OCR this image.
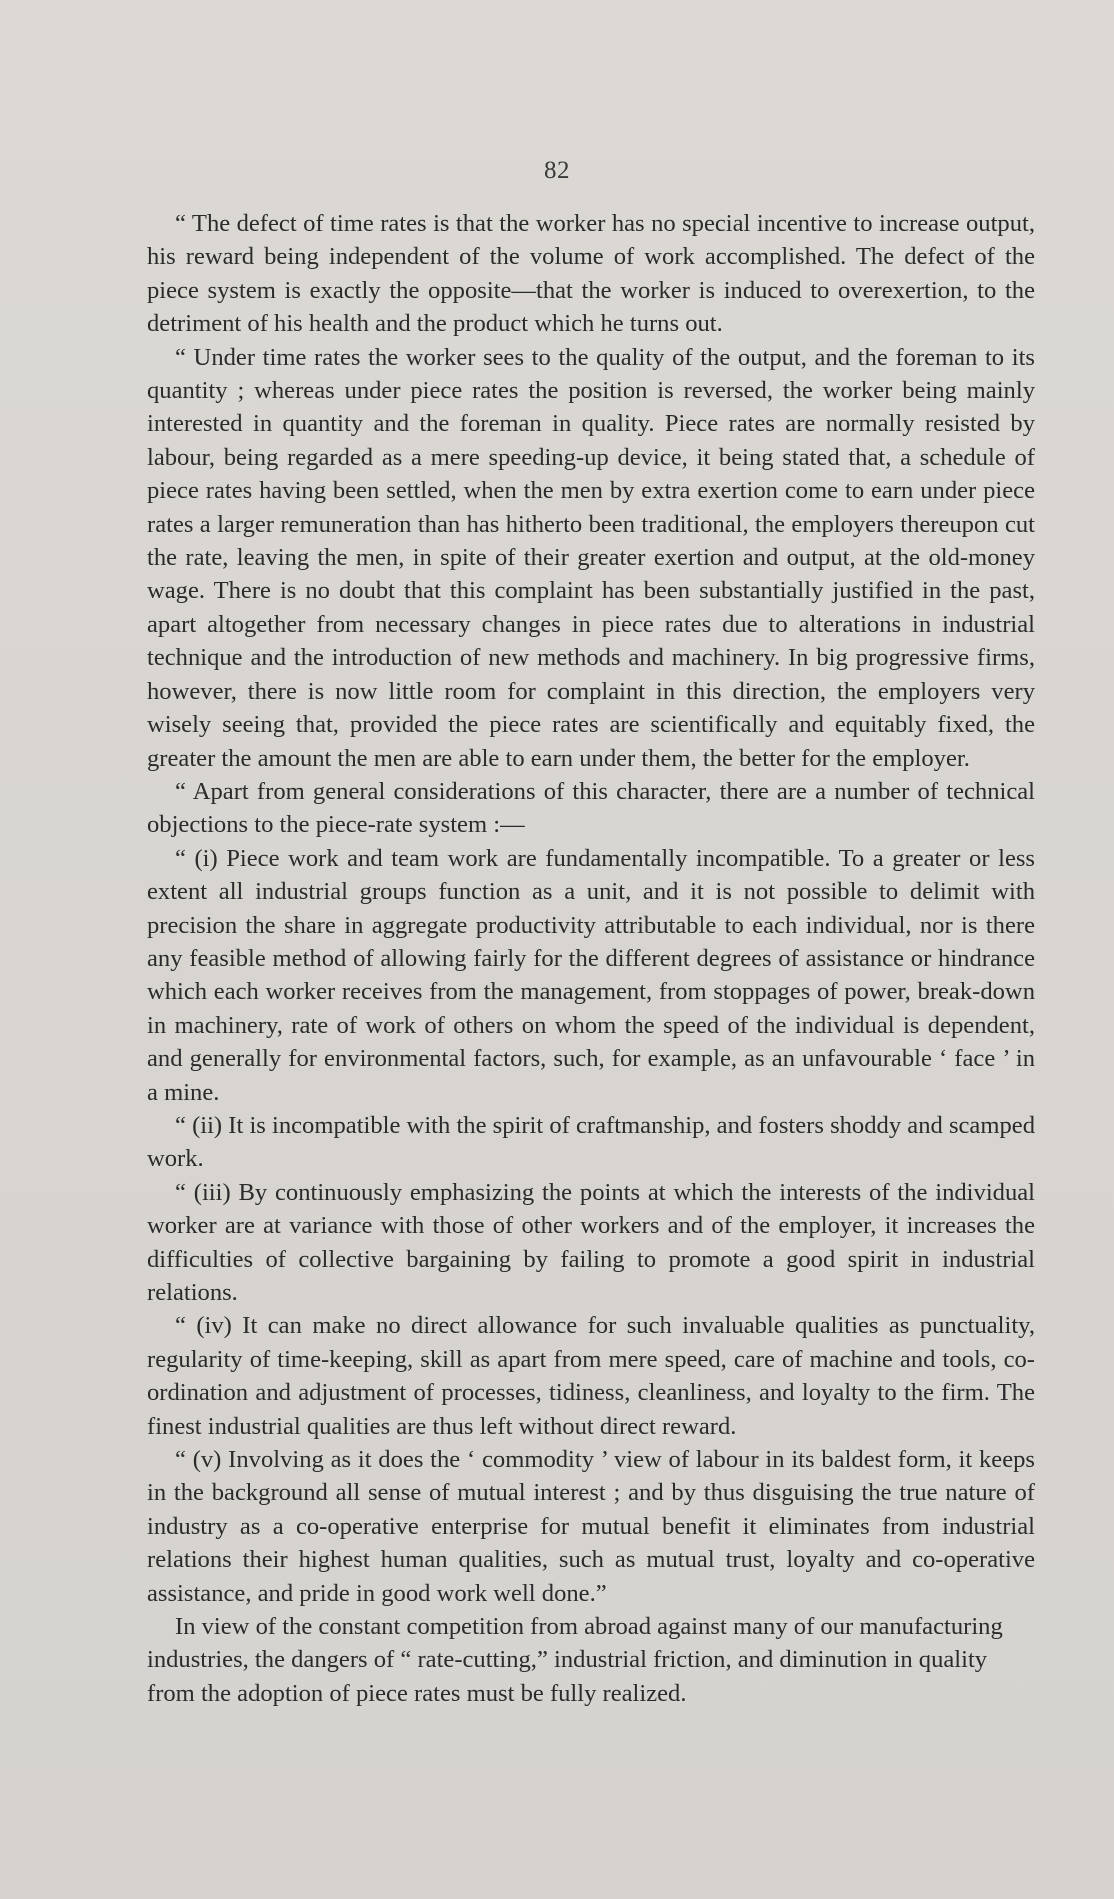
82

“ The defect of time rates is that the worker has no special incentive to increase output, his reward being independent of the volume of work accomplished. The defect of the piece system is exactly the opposite—that the worker is induced to overexertion, to the detriment of his health and the product which he turns out.

“ Under time rates the worker sees to the quality of the output, and the foreman to its quantity ; whereas under piece rates the position is reversed, the worker being mainly interested in quantity and the foreman in quality. Piece rates are normally resisted by labour, being regarded as a mere speeding-up device, it being stated that, a schedule of piece rates having been settled, when the men by extra exertion come to earn under piece rates a larger remuneration than has hitherto been traditional, the employers thereupon cut the rate, leaving the men, in spite of their greater exertion and output, at the old-money wage. There is no doubt that this complaint has been substantially justified in the past, apart altogether from necessary changes in piece rates due to alterations in industrial technique and the introduction of new methods and machinery. In big progressive firms, however, there is now little room for complaint in this direction, the employers very wisely seeing that, provided the piece rates are scientifically and equitably fixed, the greater the amount the men are able to earn under them, the better for the employer.

“ Apart from general considerations of this character, there are a number of technical objections to the piece-rate system :—

“ (i) Piece work and team work are fundamentally incompatible. To a greater or less extent all industrial groups function as a unit, and it is not possible to delimit with precision the share in aggregate productivity attributable to each individual, nor is there any feasible method of allowing fairly for the different degrees of assistance or hindrance which each worker receives from the management, from stoppages of power, break-down in machinery, rate of work of others on whom the speed of the individual is dependent, and generally for environmental factors, such, for example, as an unfavourable ‘ face ’ in a mine.

“ (ii) It is incompatible with the spirit of craftmanship, and fosters shoddy and scamped work.

“ (iii) By continuously emphasizing the points at which the interests of the individual worker are at variance with those of other workers and of the employer, it increases the difficulties of collective bargaining by failing to promote a good spirit in industrial relations.

“ (iv) It can make no direct allowance for such invaluable qualities as punctuality, regularity of time-keeping, skill as apart from mere speed, care of machine and tools, co-ordination and adjustment of processes, tidiness, cleanliness, and loyalty to the firm. The finest industrial qualities are thus left without direct reward.

“ (v) Involving as it does the ‘ commodity ’ view of labour in its baldest form, it keeps in the background all sense of mutual interest ; and by thus disguising the true nature of industry as a co-operative enterprise for mutual benefit it eliminates from industrial relations their highest human qualities, such as mutual trust, loyalty and co-operative assistance, and pride in good work well done.”

In view of the constant competition from abroad against many of our manufacturing industries, the dangers of “ rate-cutting,” industrial friction, and diminution in quality from the adoption of piece rates must be fully realized.
